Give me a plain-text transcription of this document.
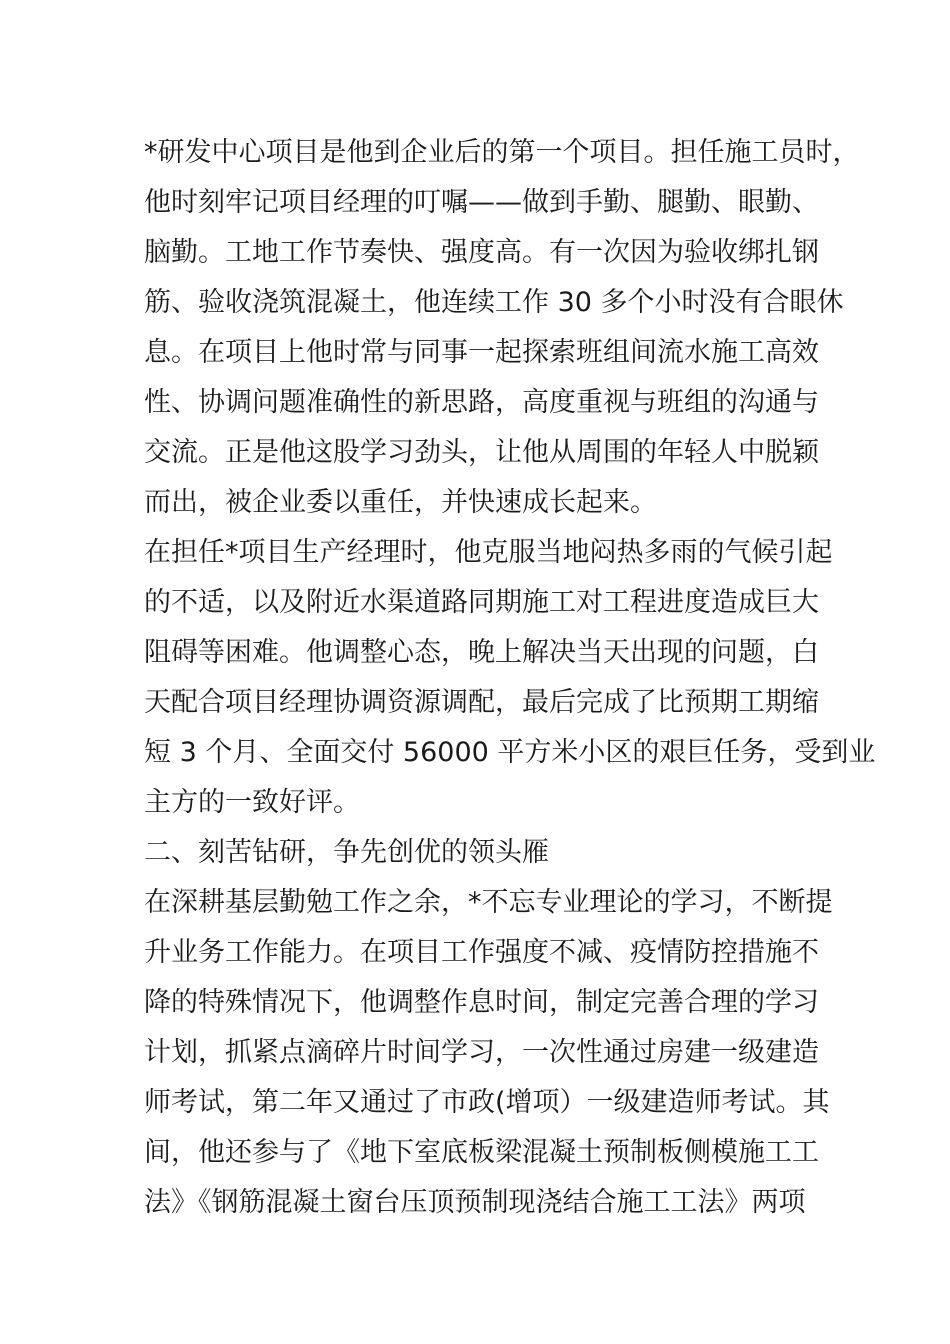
*研发中心项目是他到企业后的第一个项目。担任施工员时，
他时刻牢记项目经理的叮嘱——做到手勤、腿勤、眼勤、
脑勤。工地工作节奏快、强度高。有一次因为验收绑扎钢
筋、验收浇筑混凝土，他连续工作 30 多个小时没有合眼休
息。在项目上他时常与同事一起探索班组间流水施工高效
性、协调问题准确性的新思路，高度重视与班组的沟通与
交流。正是他这股学习劲头，让他从周围的年轻人中脱颖
而出，被企业委以重任，并快速成长起来。
在担任*项目生产经理时，他克服当地闷热多雨的气候引起
的不适，以及附近水渠道路同期施工对工程进度造成巨大
阻碍等困难。他调整心态，晚上解决当天出现的问题，白
天配合项目经理协调资源调配，最后完成了比预期工期缩
短 3 个月、全面交付 56000 平方米小区的艰巨任务，受到业
主方的一致好评。
二、刻苦钻研，争先创优的领头雁
在深耕基层勤勉工作之余，*不忘专业理论的学习，不断提
升业务工作能力。在项目工作强度不减、疫情防控措施不
降的特殊情况下，他调整作息时间，制定完善合理的学习
计划，抓紧点滴碎片时间学习，一次性通过房建一级建造
师考试，第二年又通过了市政(增项）一级建造师考试。其
间，他还参与了《地下室底板梁混凝土预制板侧模施工工
法》《钢筋混凝土窗台压顶预制现浇结合施工工法》两项
